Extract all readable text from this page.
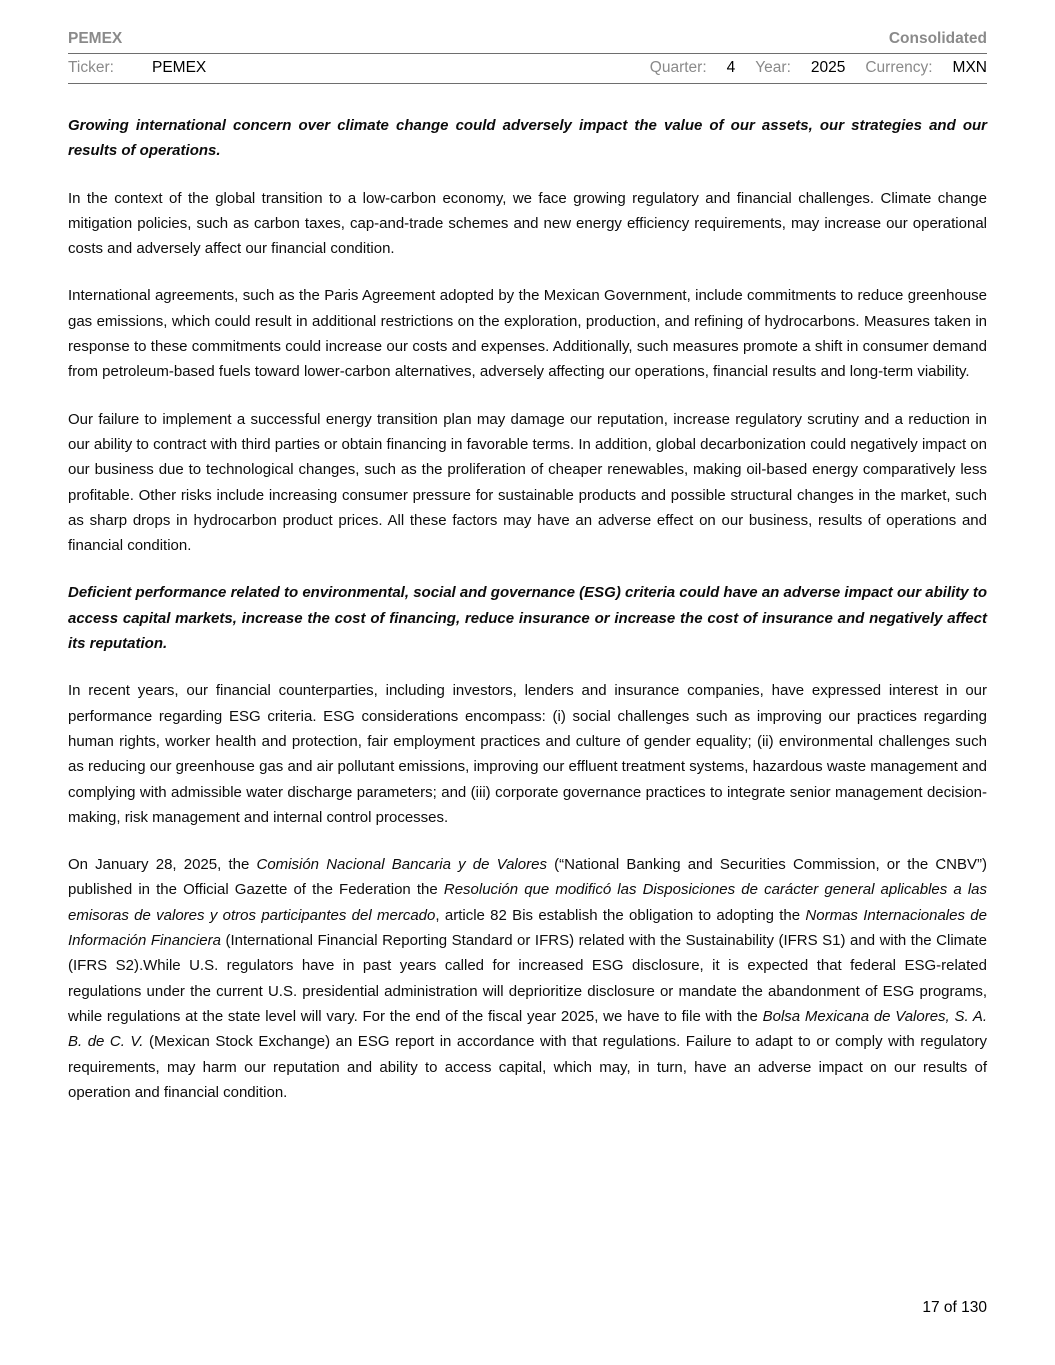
PEMEX	Consolidated
Ticker:	PEMEX	Quarter: 4 Year: 2025 Currency: MXN

Growing international concern over climate change could adversely impact the value of our assets, our strategies and our results of operations.

In the context of the global transition to a low-carbon economy, we face growing regulatory and financial challenges. Climate change mitigation policies, such as carbon taxes, cap-and-trade schemes and new energy efficiency requirements, may increase our operational costs and adversely affect our financial condition.

International agreements, such as the Paris Agreement adopted by the Mexican Government, include commitments to reduce greenhouse gas emissions, which could result in additional restrictions on the exploration, production, and refining of hydrocarbons. Measures taken in response to these commitments could increase our costs and expenses. Additionally, such measures promote a shift in consumer demand from petroleum-based fuels toward lower-carbon alternatives, adversely affecting our operations, financial results and long-term viability.

Our failure to implement a successful energy transition plan may damage our reputation, increase regulatory scrutiny and a reduction in our ability to contract with third parties or obtain financing in favorable terms. In addition, global decarbonization could negatively impact on our business due to technological changes, such as the proliferation of cheaper renewables, making oil-based energy comparatively less profitable. Other risks include increasing consumer pressure for sustainable products and possible structural changes in the market, such as sharp drops in hydrocarbon product prices. All these factors may have an adverse effect on our business, results of operations and financial condition.

Deficient performance related to environmental, social and governance (ESG) criteria could have an adverse impact our ability to access capital markets, increase the cost of financing, reduce insurance or increase the cost of insurance and negatively affect its reputation.

In recent years, our financial counterparties, including investors, lenders and insurance companies, have expressed interest in our performance regarding ESG criteria. ESG considerations encompass: (i) social challenges such as improving our practices regarding human rights, worker health and protection, fair employment practices and culture of gender equality; (ii) environmental challenges such as reducing our greenhouse gas and air pollutant emissions, improving our effluent treatment systems, hazardous waste management and complying with admissible water discharge parameters; and (iii) corporate governance practices to integrate senior management decision-making, risk management and internal control processes.

On January 28, 2025, the Comisión Nacional Bancaria y de Valores (“National Banking and Securities Commission, or the CNBV”) published in the Official Gazette of the Federation the Resolución que modificó las Disposiciones de carácter general aplicables a las emisoras de valores y otros participantes del mercado, article 82 Bis establish the obligation to adopting the Normas Internacionales de Información Financiera (International Financial Reporting Standard or IFRS) related with the Sustainability (IFRS S1) and with the Climate (IFRS S2).While U.S. regulators have in past years called for increased ESG disclosure, it is expected that federal ESG-related regulations under the current U.S. presidential administration will deprioritize disclosure or mandate the abandonment of ESG programs, while regulations at the state level will vary. For the end of the fiscal year 2025, we have to file with the Bolsa Mexicana de Valores, S. A. B. de C. V. (Mexican Stock Exchange) an ESG report in accordance with that regulations. Failure to adapt to or comply with regulatory requirements, may harm our reputation and ability to access capital, which may, in turn, have an adverse impact on our results of operation and financial condition.

17 of 130
